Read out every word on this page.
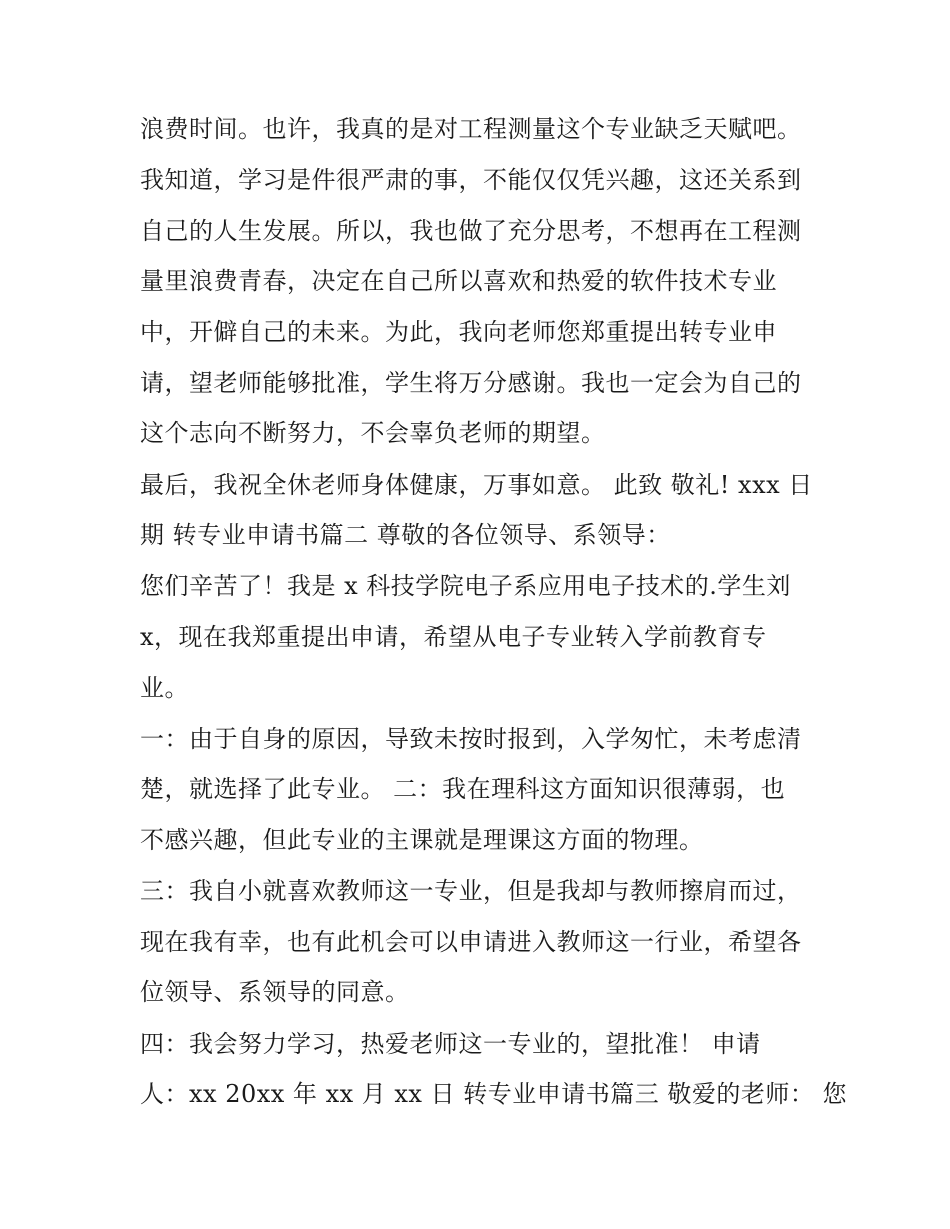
浪费时间。也许，我真的是对工程测量这个专业缺乏天赋吧。
我知道，学习是件很严肃的事，不能仅仅凭兴趣，这还关系到
自己的人生发展。所以，我也做了充分思考，不想再在工程测
量里浪费青春，决定在自己所以喜欢和热爱的软件技术专业
中，开僻自己的未来。为此，我向老师您郑重提出转专业申
请，望老师能够批准，学生将万分感谢。我也一定会为自己的
这个志向不断努力，不会辜负老师的期望。
最后，我祝全休老师身体健康，万事如意。 此致 敬礼! xxx 日
期 转专业申请书篇二 尊敬的各位领导、系领导：
您们辛苦了！我是 x 科技学院电子系应用电子技术的.学生刘
x，现在我郑重提出申请，希望从电子专业转入学前教育专
业。
一：由于自身的原因，导致未按时报到，入学匆忙，未考虑清
楚，就选择了此专业。 二：我在理科这方面知识很薄弱，也
不感兴趣，但此专业的主课就是理课这方面的物理。
三：我自小就喜欢教师这一专业，但是我却与教师擦肩而过，
现在我有幸，也有此机会可以申请进入教师这一行业，希望各
位领导、系领导的同意。
四：我会努力学习，热爱老师这一专业的，望批准！ 申请
人：xx 20xx 年 xx 月 xx 日 转专业申请书篇三 敬爱的老师： 您
